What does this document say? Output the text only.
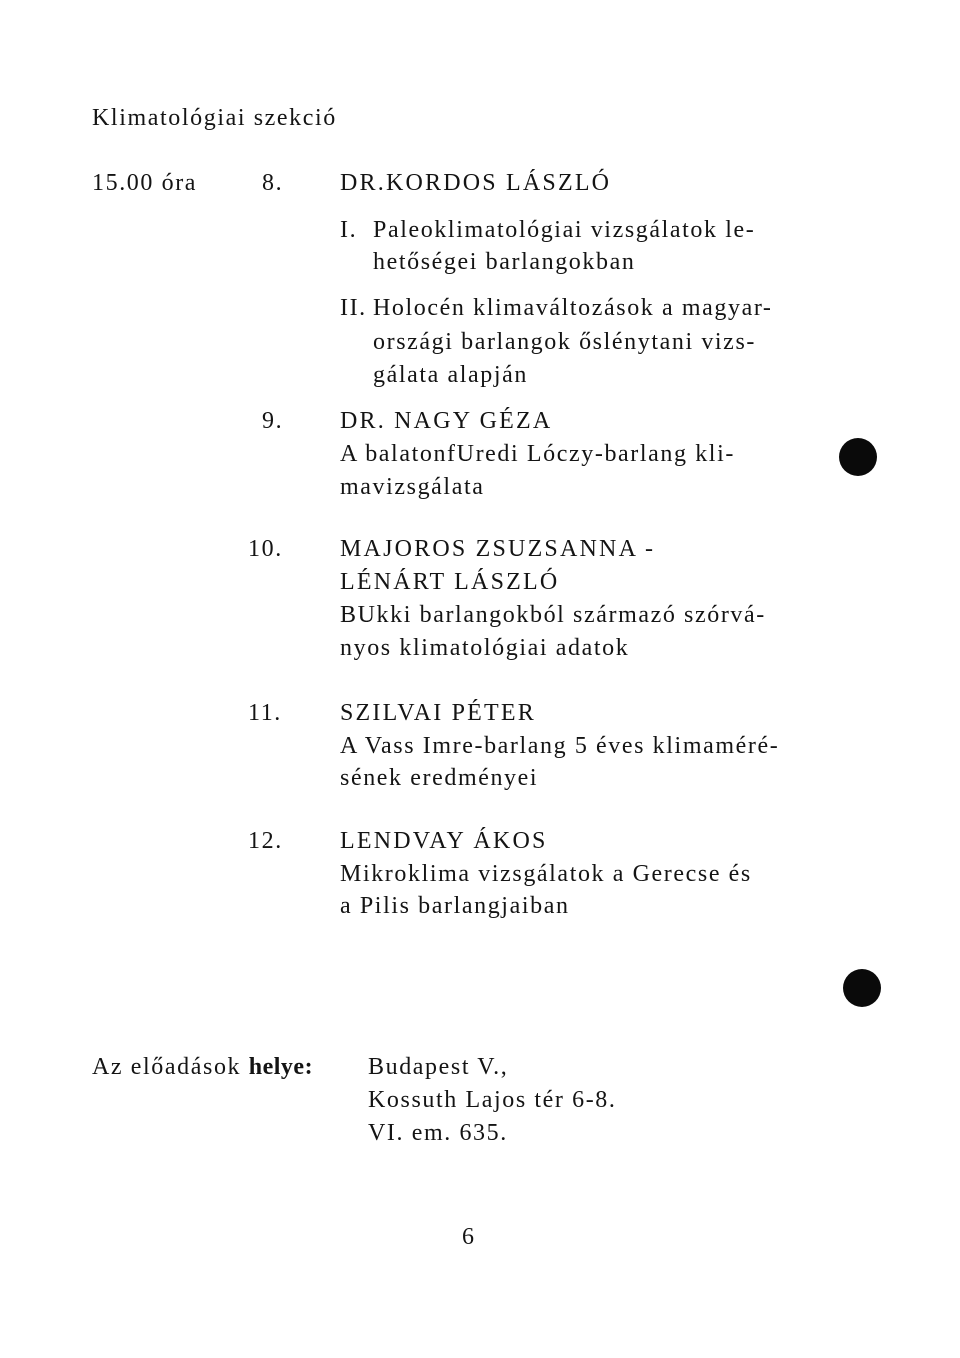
Klimatológiai szekció
15.00 óra	8. DR.KORDOS LÁSZLÓ
I. Paleoklimatológiai vizsgálatok le-
hetőségei barlangokban
II. Holocén klimaváltozások a magyar-
országi barlangok őslénytani vizs-
gálata alapján
9. DR. NAGY GÉZA
A balatonfUredi Lóczy-barlang kli-
mavizsgálata
10. MAJOROS ZSUZSANNA -
LÉNÁRT LÁSZLÓ
BUkki barlangokból származó szórvá-
nyos klimatológiai adatok
11. SZILVAI PÉTER
A Vass Imre-barlang 5 éves klimaméré-
sének eredményei
12. LENDVAY ÁKOS
Mikroklima vizsgálatok a Gerecse és
a Pilis barlangjaiban
Az előadások helye: Budapest V.,
Kossuth Lajos tér 6-8.
VI. em. 635.
6
